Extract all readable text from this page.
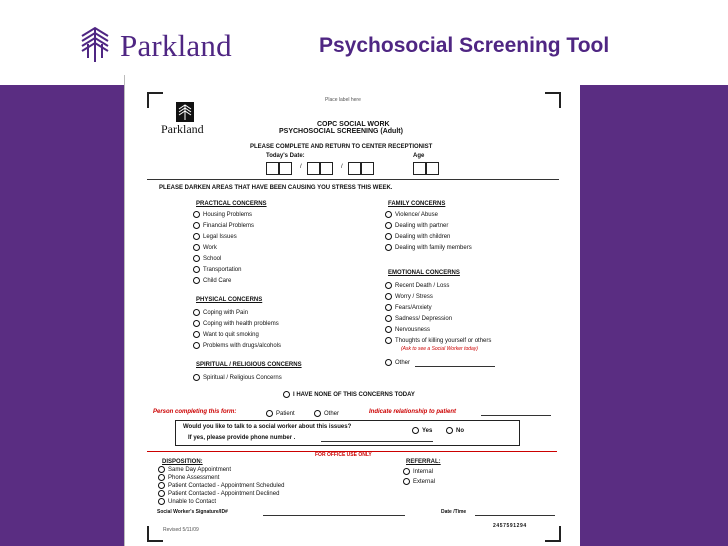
Parkland	Psychosocial Screening Tool
Place label here
Parkland	COPC SOCIAL WORK
PSYCHOSOCIAL SCREENING (Adult)
PLEASE COMPLETE AND RETURN TO CENTER RECEPTIONIST
Today's Date:	Age
/	/
PLEASE DARKEN AREAS THAT HAVE BEEN CAUSING YOU STRESS THIS WEEK.
PRACTICAL CONCERNS
Housing Problems
Financial Problems
Legal Issues
Work
School
Transportation
Child Care
PHYSICAL CONCERNS
Coping with Pain
Coping with health problems
Want to quit smoking
Problems with drugs/alcohols
SPIRITUAL / RELIGIOUS CONCERNS
Spiritual / Religious Concerns
FAMILY CONCERNS
Violence/ Abuse
Dealing with partner
Dealing with children
Dealing with family members
EMOTIONAL CONCERNS
Recent Death / Loss
Worry / Stress
Fears/Anxiety
Sadness/ Depression
Nervousness
Thoughts of killing yourself or others
(Ask to see a Social Worker today)
Other
I HAVE NONE OF THIS CONCERNS TODAY
Person completing this form:	Patient	Other	Indicate relationship to patient
Would you like to talk to a social worker about this issues?
Yes	No
If yes, please provide phone number .
FOR OFFICE USE ONLY
DISPOSITION:
Same Day Appointment
Phone Assessment
Patient Contacted - Appointment Scheduled
Patient Contacted - Appointment Declined
Unable to Contact
REFERRAL:
Internal
External
Social Worker's Signature/ID#	Date /Time
Revised 5/11/09
2457591294
